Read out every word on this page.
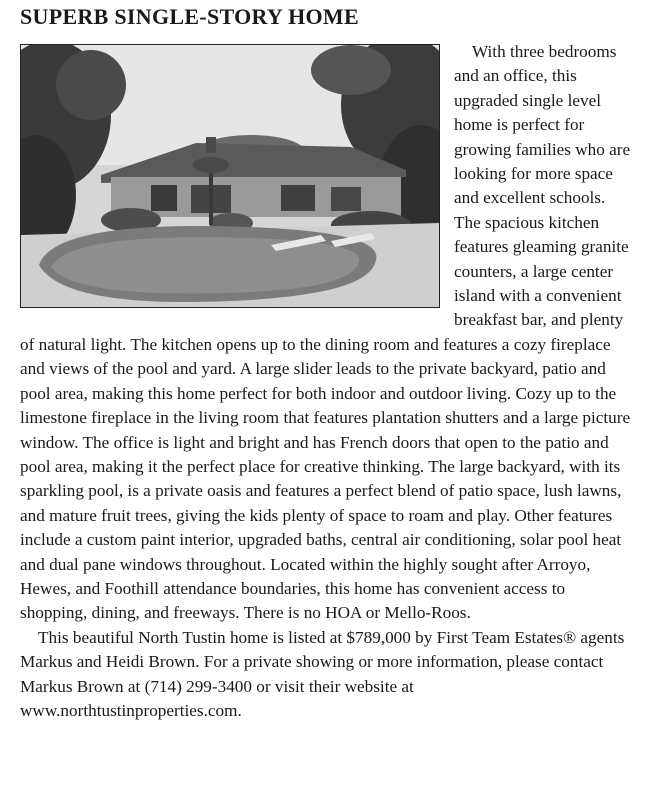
SUPERB SINGLE-STORY HOME

With three bedrooms and an office, this upgraded single level home is perfect for growing families who are looking for more space and excellent schools. The spacious kitchen features gleaming granite counters, a large center island with a convenient breakfast bar, and plenty of natural light. The kitchen opens up to the dining room and features a cozy fireplace and views of the pool and yard. A large slider leads to the private backyard, patio and pool area, making this home perfect for both indoor and outdoor living. Cozy up to the limestone fireplace in the living room that features plantation shutters and a large picture window. The office is light and bright and has French doors that open to the patio and pool area, making it the perfect place for creative thinking. The large backyard, with its sparkling pool, is a private oasis and features a perfect blend of patio space, lush lawns, and mature fruit trees, giving the kids plenty of space to roam and play. Other features include a custom paint interior, upgraded baths, central air conditioning, solar pool heat and dual pane windows throughout. Located within the highly sought after Arroyo, Hewes, and Foothill attendance boundaries, this home has convenient access to shopping, dining, and freeways. There is no HOA or Mello-Roos.

This beautiful North Tustin home is listed at $789,000 by First Team Estates® agents Markus and Heidi Brown. For a private showing or more information, please contact Markus Brown at (714) 299-3400 or visit their website at www.northtustinproperties.com.
